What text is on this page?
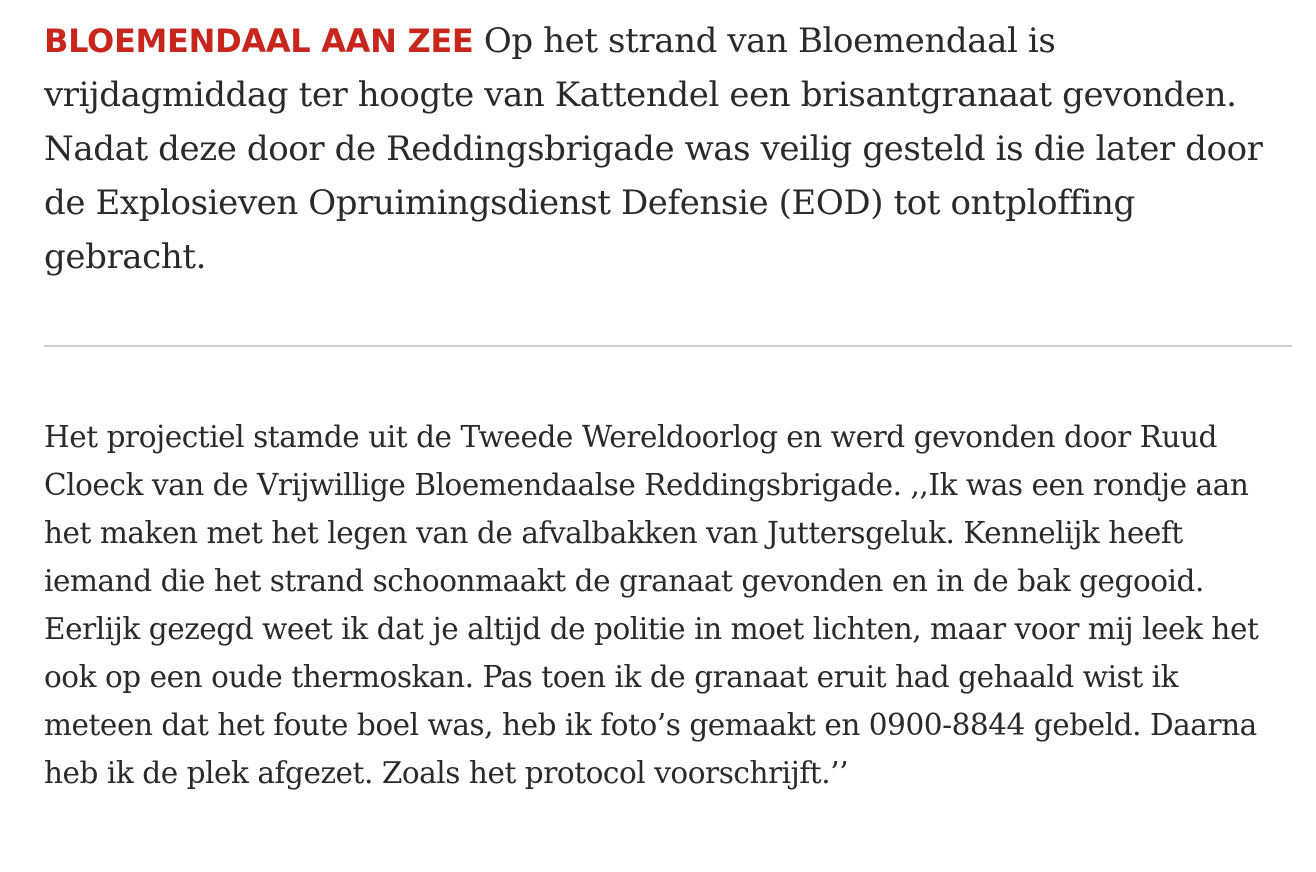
BLOEMENDAAL AAN ZEE Op het strand van Bloemendaal is vrijdagmiddag ter hoogte van Kattendel een brisantgranaat gevonden. Nadat deze door de Reddingsbrigade was veilig gesteld is die later door de Explosieven Opruimingsdienst Defensie (EOD) tot ontploffing gebracht.

Het projectiel stamde uit de Tweede Wereldoorlog en werd gevonden door Ruud Cloeck van de Vrijwillige Bloemendaalse Reddingsbrigade. ,,Ik was een rondje aan het maken met het legen van de afvalbakken van Juttersgeluk. Kennelijk heeft iemand die het strand schoonmaakt de granaat gevonden en in de bak gegooid. Eerlijk gezegd weet ik dat je altijd de politie in moet lichten, maar voor mij leek het ook op een oude thermoskan. Pas toen ik de granaat eruit had gehaald wist ik meteen dat het foute boel was, heb ik foto’s gemaakt en 0900-8844 gebeld. Daarna heb ik de plek afgezet. Zoals het protocol voorschrijft.’’
